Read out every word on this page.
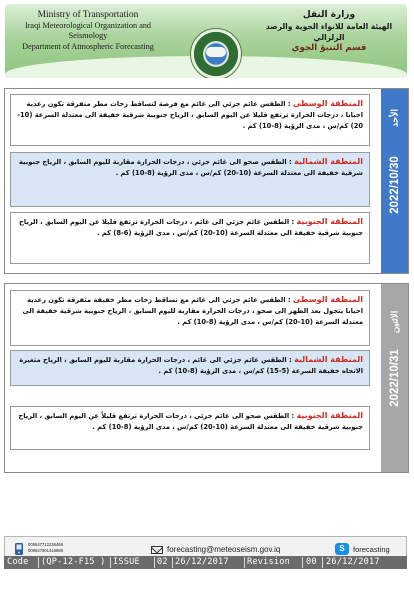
Ministry of Transportation
Iraqi Meteorological Organization and Seismology
Department of Atmospheric Forecasting
وزارة النقل
الهيئة العامة للانواء الجوية والرصد الزلزالي
قسم التنبؤ الجوي
المنطقة الوسطى : الطقس غائم جزئي الى غائم مع فرصة لتساقط زخات مطر متفرقة تكون رعدية احيانا ، درجات الحرارة ترتفع قليلا عن اليوم السابق ، الرياح جنوبية شرقية خفيفة الى معتدلة السرعة (10-20) كم/س ، مدى الرؤية (8-10) كم .
المنطقة الشمالية : الطقس صحو الى غائم جزئي ، درجات الحرارة مقاربة لليوم السابق ، الرياح جنوبية شرقية خفيفة الى معتدلة السرعة (10-20) كم/س ، مدى الرؤية (8-10) كم .
المنطقة الجنوبية : الطقس غائم جزئي الى غائم ، درجات الحرارة ترتفع قليلا عن اليوم السابق ، الرياح جنوبية شرقية خفيفة الى معتدلة السرعة (10-20) كم/س ، مدى الرؤية (6-8) كم .
الأحد
2022/10/30
المنطقة الوسطى : الطقس غائم جزئي الى غائم مع تساقط زخات مطر خفيفة متفرقة تكون رعدية احيانا يتحول بعد الظهر الى صحو ، درجات الحرارة مقاربة لليوم السابق ، الرياح جنوبية شرقية خفيفة الى معتدلة السرعة (10-20) كم/س ، مدى الرؤية (8-10) كم .
المنطقة الشمالية : الطقس غائم جزئي الى غائم ، درجات الحرارة مقاربة لليوم السابق ، الرياح متغيرة الاتجاه خفيفة السرعة (5-15) كم/س ، مدى الرؤية (8-10) كم .
المنطقة الجنوبية : الطقس صحو الى غائم جزئي ، درجات الحرارة ترتفع قليلاً عن اليوم السابق ، الرياح جنوبية شرقية خفيفة الى معتدلة السرعة (10-20) كم/س ، مدى الرؤية (8-10) كم .
الاثنين
2022/10/31
009647712236468
009647901416889	forecasting@meteoseism.gov.iq	S	forecasting
Code (QP-12-F15 ) ISSUE 02 26/12/2017 Revision 00 26/12/2017
